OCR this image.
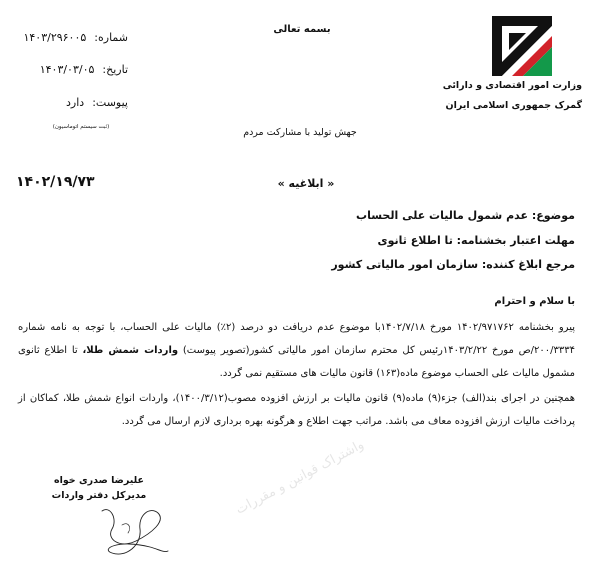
وزارت امور اقتصادی و دارائی
گمرک جمهوری اسلامی ایران
بسمه تعالی
شماره:۱۴۰۳/۲۹۶۰۰۵
تاریخ:۱۴۰۳/۰۳/۰۵
پیوست:دارد
(ثبت سیستم اتوماسیون)	جهش تولید با مشارکت مردم
۱۴۰۲/۱۹/۷۳	« ابلاغیه »
موضوع: عدم شمول مالیات علی الحساب
مهلت اعتبار بخشنامه: تا اطلاع ثانوی
مرجع ابلاغ کننده: سازمان امور مالیاتی کشور
با سلام و احترام

پیرو بخشنامه ۱۴۰۲/۹۷۱۷۶۲ مورخ ۱۴۰۲/۷/۱۸با موضوع عدم دریافت دو درصد (۲٪) مالیات علی الحساب، با توجه به نامه شماره ۲۰۰/۳۳۳۴/ص مورخ ۱۴۰۳/۲/۲۲رئیس کل محترم سازمان امور مالیاتی کشور(تصویر پیوست) واردات شمش طلا، تا اطلاع ثانوی مشمول مالیات علی الحساب موضوع ماده(۱۶۳) قانون مالیات های مستقیم نمی گردد.

همچنین در اجرای بند(الف) جزء(۹) ماده(۹) قانون مالیات بر ارزش افزوده مصوب(۱۴۰۰/۳/۱۲)، واردات انواع شمش طلا، کماکان از پرداخت مالیات ارزش افزوده معاف می باشد. مراتب جهت اطلاع و هرگونه بهره برداری لازم ارسال می گردد.

واشتراک قوانین و مقررات
علیرضا صدری خواه
مدیرکل دفتر واردات
